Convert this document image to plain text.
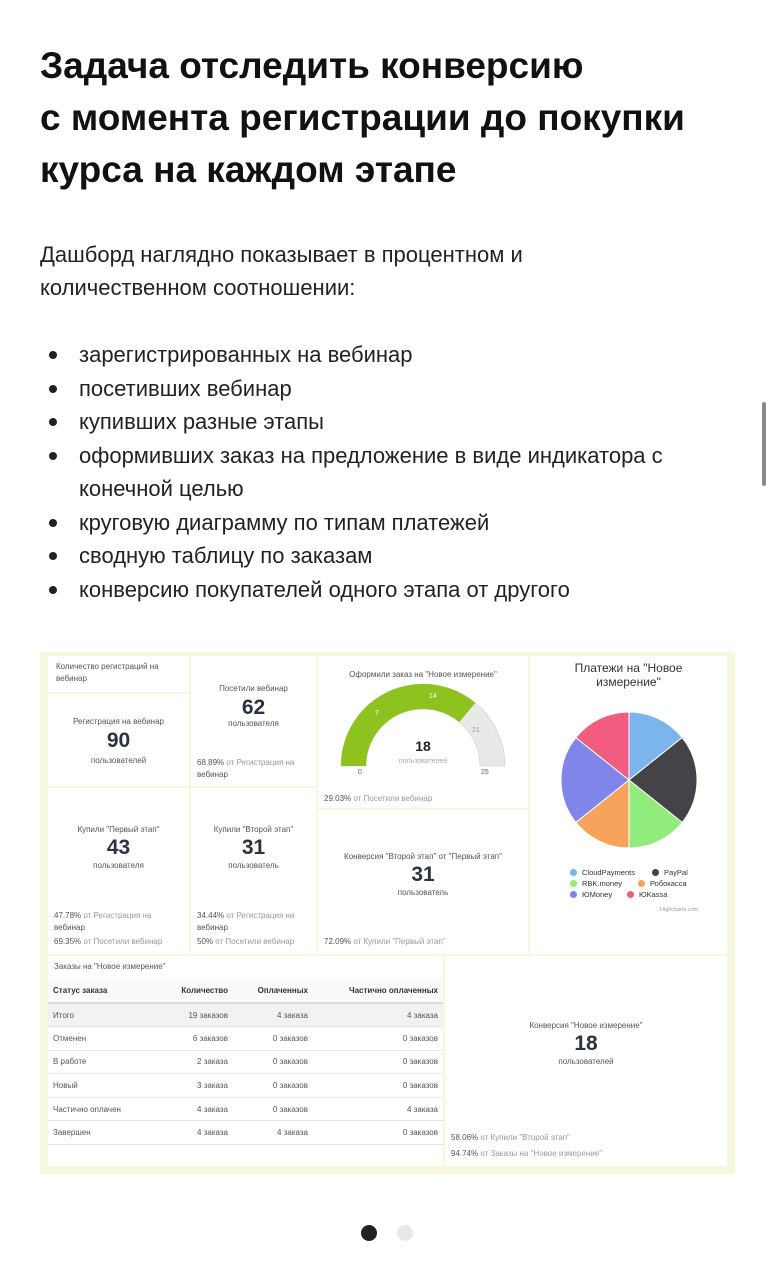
Задача отследить конверсию
с момента регистрации до покупки
курса на каждом этапе
Дашборд наглядно показывает в процентном и
количественном соотношении:
зарегистрированных на вебинар
посетивших вебинар
купивших разные этапы
оформивших заказ на предложение в виде индикатора с
конечной целью
круговую диаграмму по типам платежей
сводную таблицу по заказам
конверсию покупателей одного этапа от другого
Количество регистраций на
вебинар
Регистрация на вебинар
90
пользователей
Посетили вебинар
62
пользователя
68.89% от Регистрация на
вебинар
Оформили заказ на "Новое измерение"
7
14
21
0	25
18
пользователей
29.03% от Посетили вебинар
Платежи на "Новое
измерение"
CloudPayments	PayPal
RBK.money	Робокасса
ЮMoney	ЮKassa
Highcharts.com
Купили "Первый этап"
43
пользователя
47.78% от Регистрация на
вебинар
69.35% от Посетили вебинар
Купили "Второй этап"
31
пользователь
34.44% от Регистрация на
вебинар
50% от Посетили вебинар
Конверсия "Второй этап" от "Первый этап"
31
пользователь
72.09% от Купили "Первый этап"
Заказы на "Новое измерение"
Статус заказа	Количество	Оплаченных	Частично оплаченных
Итого	19 заказов	4 заказа	4 заказа
Отменен	6 заказов	0 заказов	0 заказов
В работе	2 заказа	0 заказов	0 заказов
Новый	3 заказа	0 заказов	0 заказов
Частично оплачен	4 заказа	0 заказов	4 заказа
Завершен	4 заказа	4 заказа	0 заказов
Конверсия "Новое измерение"
18
пользователей
58.06% от Купили "Второй этап"
94.74% от Заказы на "Новое измерение"
